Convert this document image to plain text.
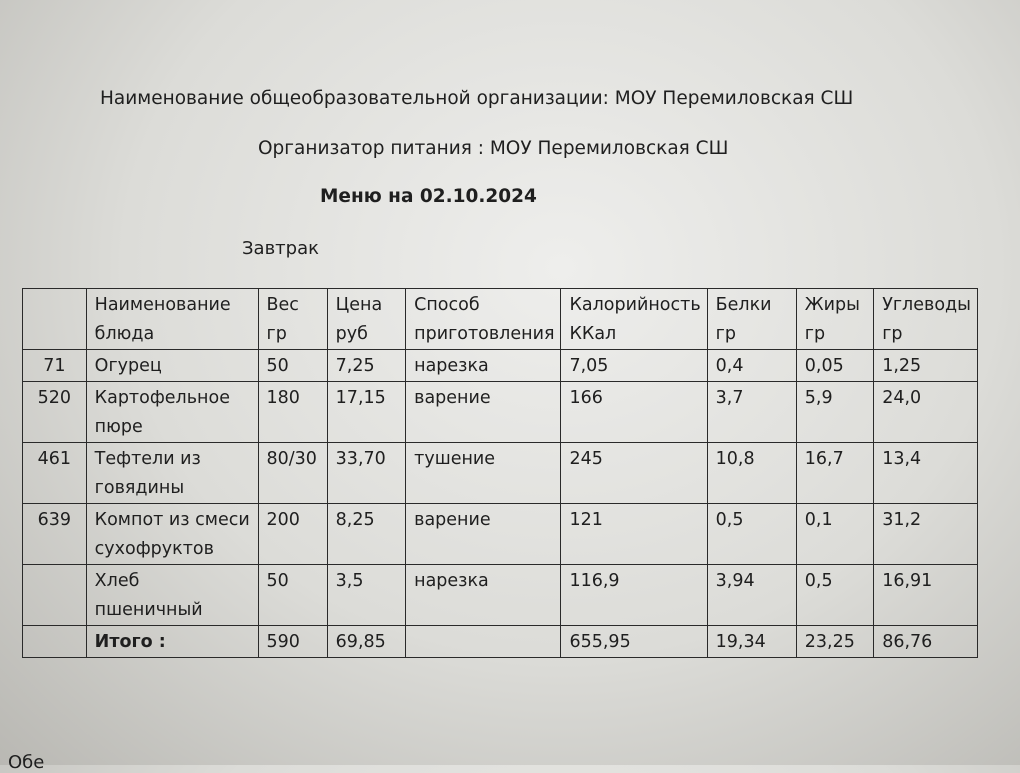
Наименование общеобразовательной организации: МОУ Перемиловская СШ

Организатор питания : МОУ Перемиловская СШ

Меню на 02.10.2024

Завтрак

	Наименование блюда	Вес гр	Цена руб	Способ приготовления	Калорийность ККал	Белки гр	Жиры гр	Углеводы гр
71	Огурец	50	7,25	нарезка	7,05	0,4	0,05	1,25
520	Картофельное пюре	180	17,15	варение	166	3,7	5,9	24,0
461	Тефтели из говядины	80/30	33,70	тушение	245	10,8	16,7	13,4
639	Компот из смеси сухофруктов	200	8,25	варение	121	0,5	0,1	31,2
	Хлеб пшеничный	50	3,5	нарезка	116,9	3,94	0,5	16,91
	Итого :	590	69,85		655,95	19,34	23,25	86,76

Обе
